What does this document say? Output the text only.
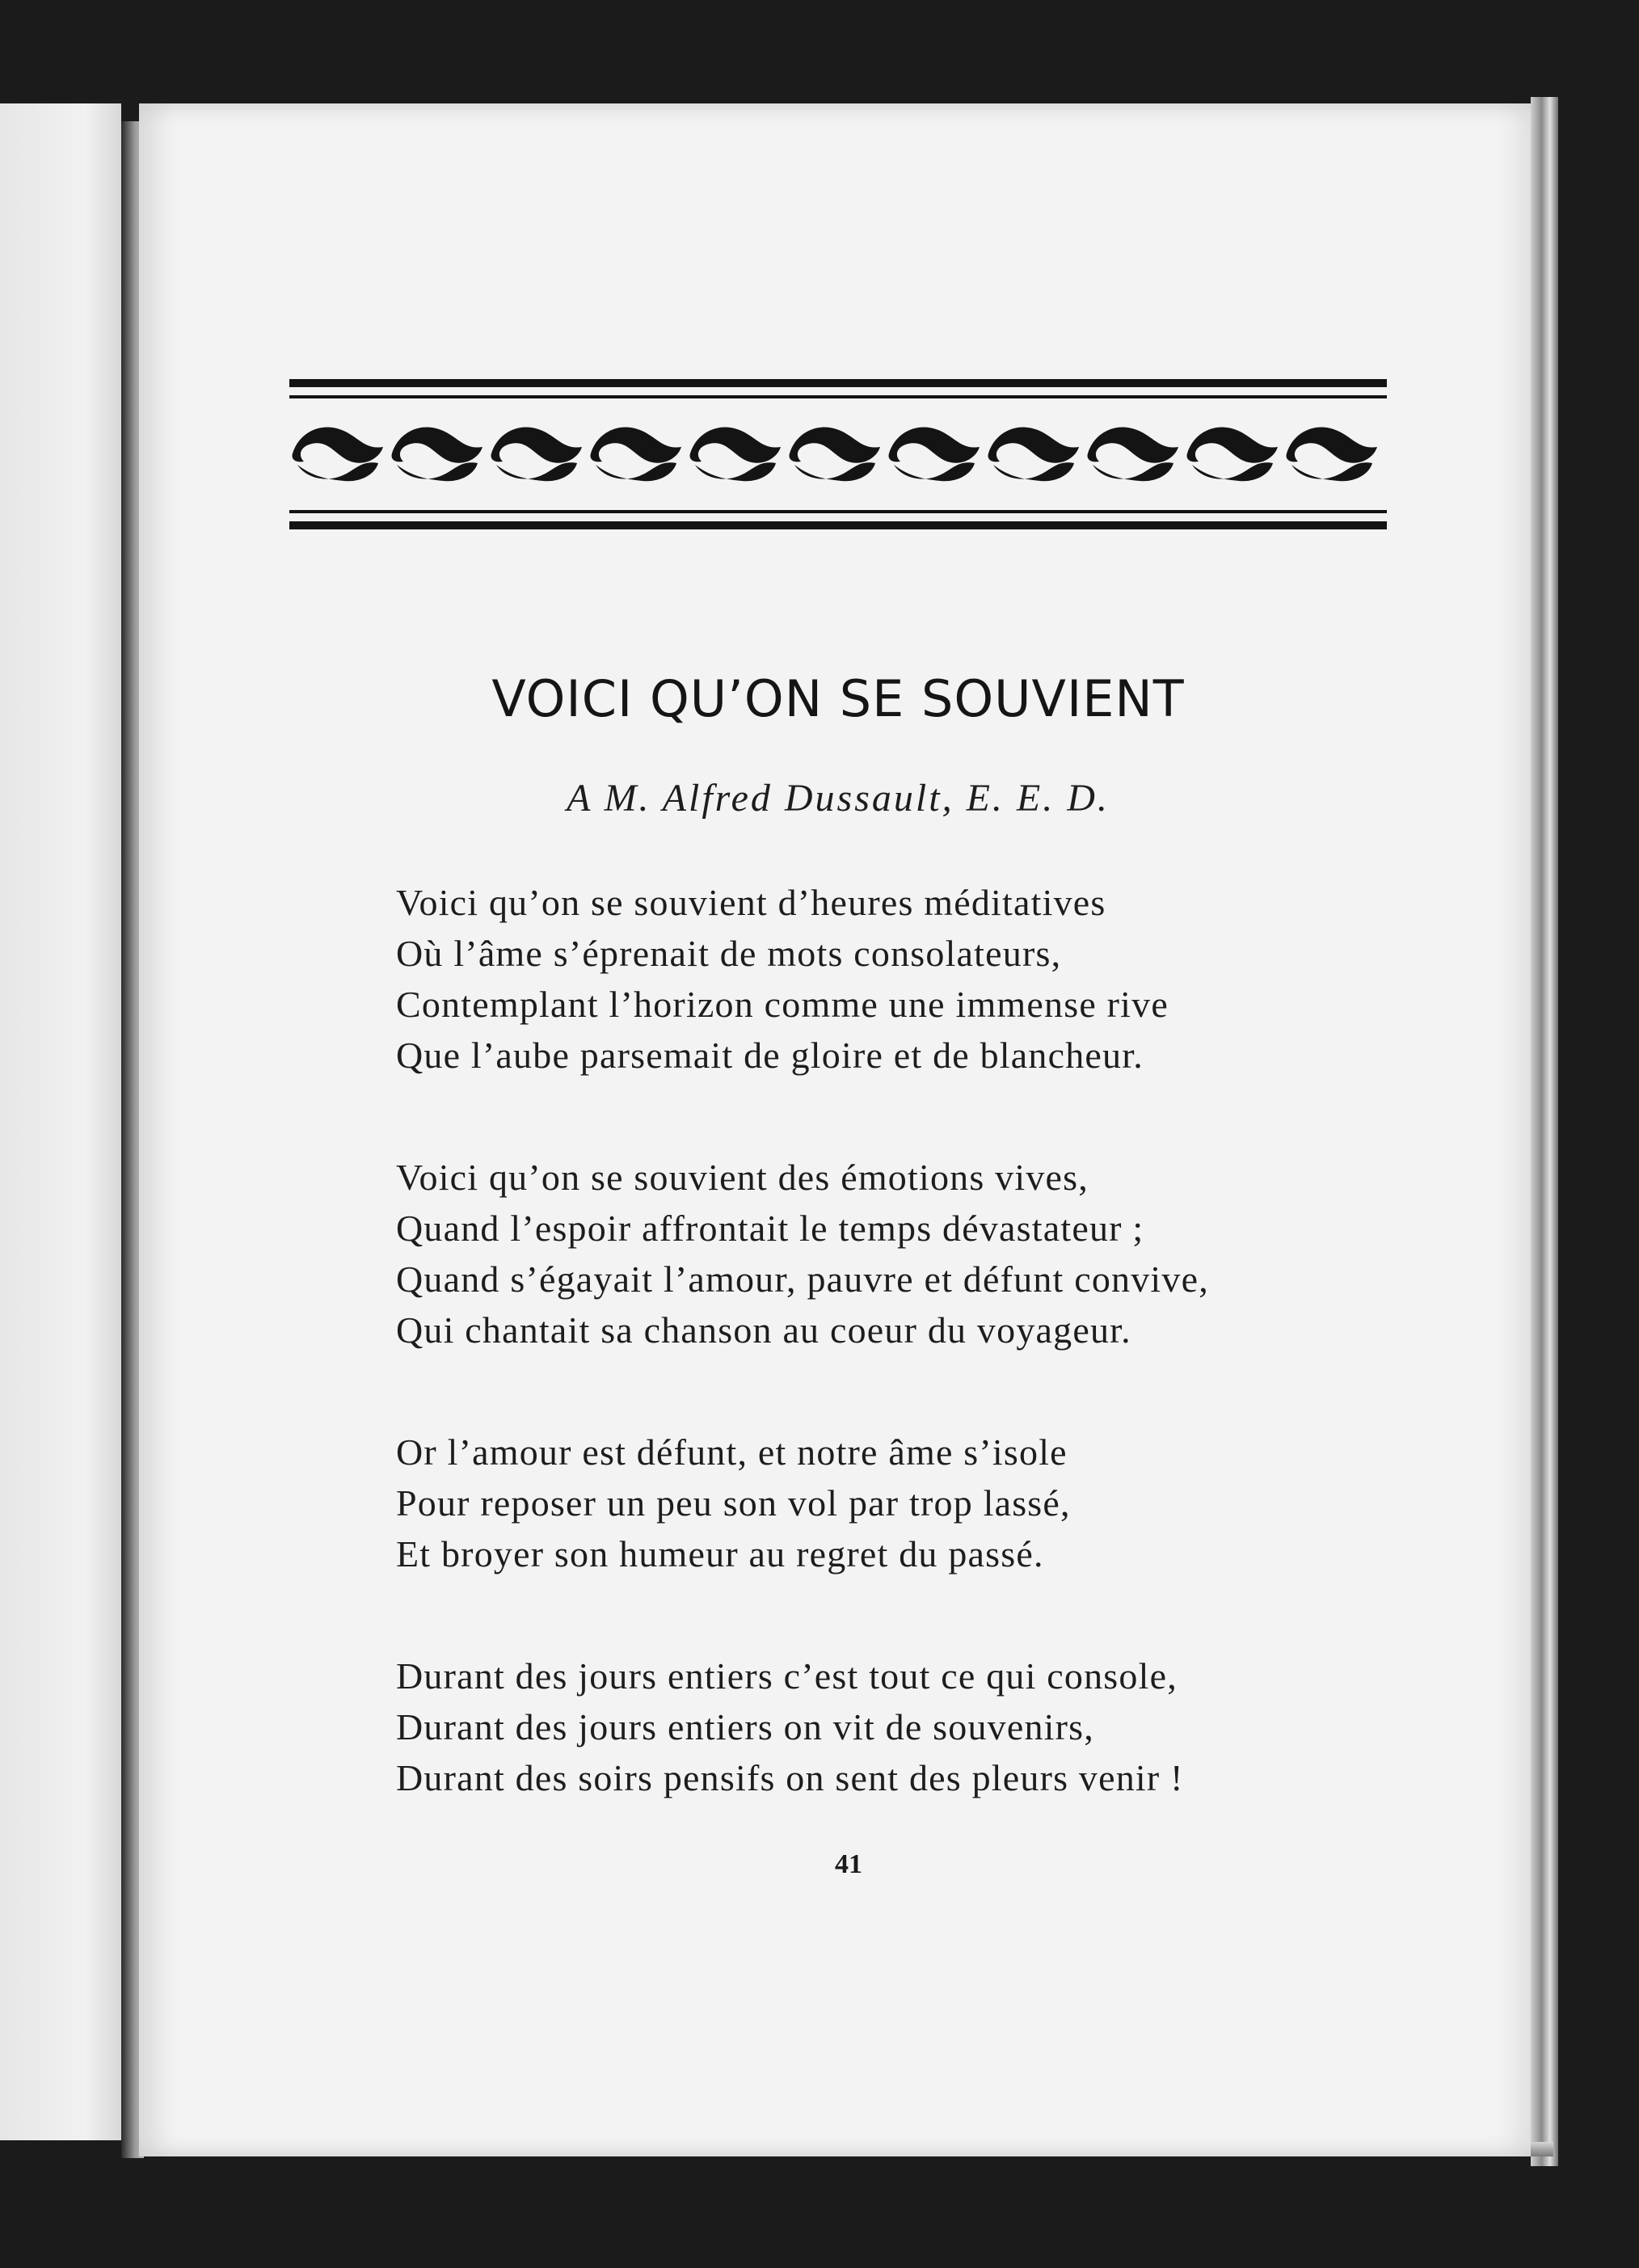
VOICI QU’ON SE SOUVIENT

A M. Alfred Dussault, E. E. D.

Voici qu’on se souvient d’heures méditatives
Où l’âme s’éprenait de mots consolateurs,
Contemplant l’horizon comme une immense rive
Que l’aube parsemait de gloire et de blancheur.
Voici qu’on se souvient des émotions vives,
Quand l’espoir affrontait le temps dévastateur ;
Quand s’égayait l’amour, pauvre et défunt convive,
Qui chantait sa chanson au coeur du voyageur.
Or l’amour est défunt, et notre âme s’isole
Pour reposer un peu son vol par trop lassé,
Et broyer son humeur au regret du passé.
Durant des jours entiers c’est tout ce qui console,
Durant des jours entiers on vit de souvenirs,
Durant des soirs pensifs on sent des pleurs venir !
41
